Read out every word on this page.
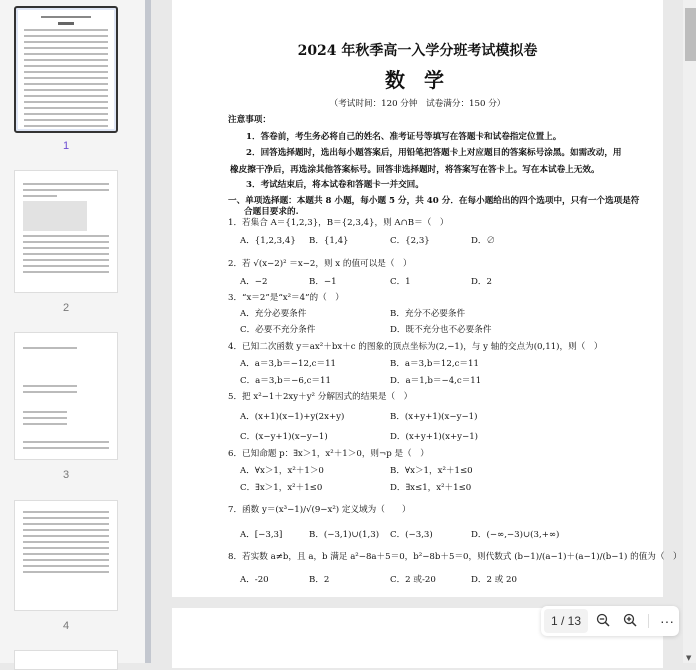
1
2
3
4
2024 年秋季高一入学分班考试模拟卷
数 学
（考试时间：120 分钟　试卷满分：150 分）
注意事项：
1．答卷前，考生务必将自己的姓名、准考证号等填写在答题卡和试卷指定位置上。
2．回答选择题时，选出每小题答案后，用铅笔把答题卡上对应题目的答案标号涂黑。如需改动，用
橡皮擦干净后，再选涂其他答案标号。回答非选择题时，将答案写在答卡上。写在本试卷上无效。
3．考试结束后，将本试卷和答题卡一并交回。
一、单项选择题：本题共 8 小题，每小题 5 分，共 40 分．在每小题给出的四个选项中，只有一个选项是符
合题目要求的.
1．若集合 A＝{1,2,3}，B＝{2,3,4}，则 A∩B＝（　）
A．{1,2,3,4} B．{1,4}	C．{2,3}	D．∅
2．若 √(x−2)² ＝x−2，则 x 的值可以是（　）
A．−2	B．−1	C．1	D．2
3．“x＝2”是“x²＝4”的（　）
A．充分必要条件	B．充分不必要条件
C．必要不充分条件	D．既不充分也不必要条件
4．已知二次函数 y＝ax²＋bx＋c 的图象的顶点坐标为(2,−1)，与 y 轴的交点为(0,11)，则（　）
A．a＝3,b＝−12,c＝11	B．a＝3,b＝12,c＝11
C．a＝3,b＝−6,c＝11	D．a＝1,b＝−4,c＝11
5．把 x²−1＋2xy＋y² 分解因式的结果是（　）
A．(x+1)(x−1)+y(2x+y)	B．(x+y+1)(x−y−1)
C．(x−y+1)(x−y−1)	D．(x+y+1)(x+y−1)
6．已知命题 p：∃x＞1，x²＋1＞0，则¬p 是（　）
A．∀x＞1，x²＋1＞0	B．∀x＞1，x²＋1≤0
C．∃x＞1，x²＋1≤0	D．∃x≤1，x²＋1≤0
7．函数 y＝(x³−1)/√(9−x²) 定义域为（　　）
A．[−3,3]	B．(−3,1)∪(1,3) C．(−3,3)	D．(−∞,−3)∪(3,+∞)
8．若实数 a≠b，且 a，b 满足 a²−8a＋5＝0，b²−8b＋5＝0，则代数式 (b−1)/(a−1)＋(a−1)/(b−1) 的值为（　）
A．-20	B．2	C．2 或-20	D．2 或 20
▼
1 / 13	···
